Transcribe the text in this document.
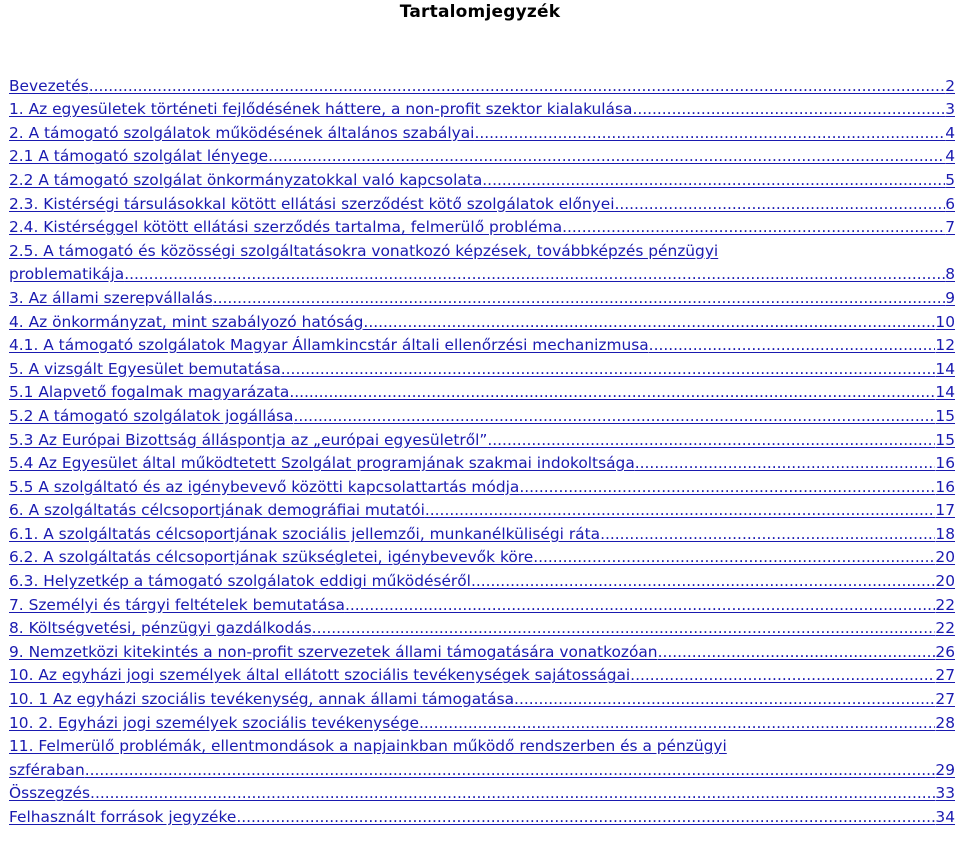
Tartalomjegyzék
Bevezetés .....	2
1. Az egyesületek történeti fejlődésének háttere, a non-profit szektor kialakulása .....	3
2. A támogató szolgálatok működésének általános szabályai .....	4
2.1 A támogató szolgálat lényege .....	4
2.2 A támogató szolgálat önkormányzatokkal való kapcsolata .....	5
2.3. Kistérségi társulásokkal kötött ellátási szerződést kötő szolgálatok előnyei .....	6
2.4. Kistérséggel kötött ellátási szerződés tartalma, felmerülő probléma .....	7
2.5. A támogató és közösségi szolgáltatásokra vonatkozó képzések, továbbképzés pénzügyi
problematikája .....	8
3. Az állami szerepvállalás .....	9
4. Az önkormányzat, mint szabályozó hatóság .....	10
4.1. A támogató szolgálatok Magyar Államkincstár általi ellenőrzési mechanizmusa .....	12
5. A vizsgált Egyesület bemutatása .....	14
5.1 Alapvető fogalmak magyarázata .....	14
5.2 A támogató szolgálatok jogállása .....	15
5.3 Az Európai Bizottság álláspontja az „európai egyesületről” .....	15
5.4 Az Egyesület által működtetett Szolgálat programjának szakmai indokoltsága .....	16
5.5 A szolgáltató és az igénybevevő közötti kapcsolattartás módja .....	16
6. A szolgáltatás célcsoportjának demográfiai mutatói .....	17
6.1. A szolgáltatás célcsoportjának szociális jellemzői, munkanélküliségi rátа .....	18
6.2. A szolgáltatás célcsoportjának szükségletei, igénybevevők köre .....	20
6.3. Helyzetkép a támogató szolgálatok eddigi működéséről .....	20
7. Személyi és tárgyi feltételek bemutatása .....	22
8. Költségvetési, pénzügyi gazdálkodás .....	22
9. Nemzetközi kitekintés a non-profit szervezetek állami támogatására vonatkozóan .....	26
10. Az egyházi jogi személyek által ellátott szociális tevékenységek sajátosságai .....	27
10. 1 Az egyházi szociális tevékenység, annak állami támogatása .....	27
10. 2. Egyházi jogi személyek szociális tevékenysége .....	28
11. Felmerülő problémák, ellentmondások a napjainkban működő rendszerben és a pénzügyi
szféraban .....	29
Összegzés .....	33
Felhasznált források jegyzéke .....	34
